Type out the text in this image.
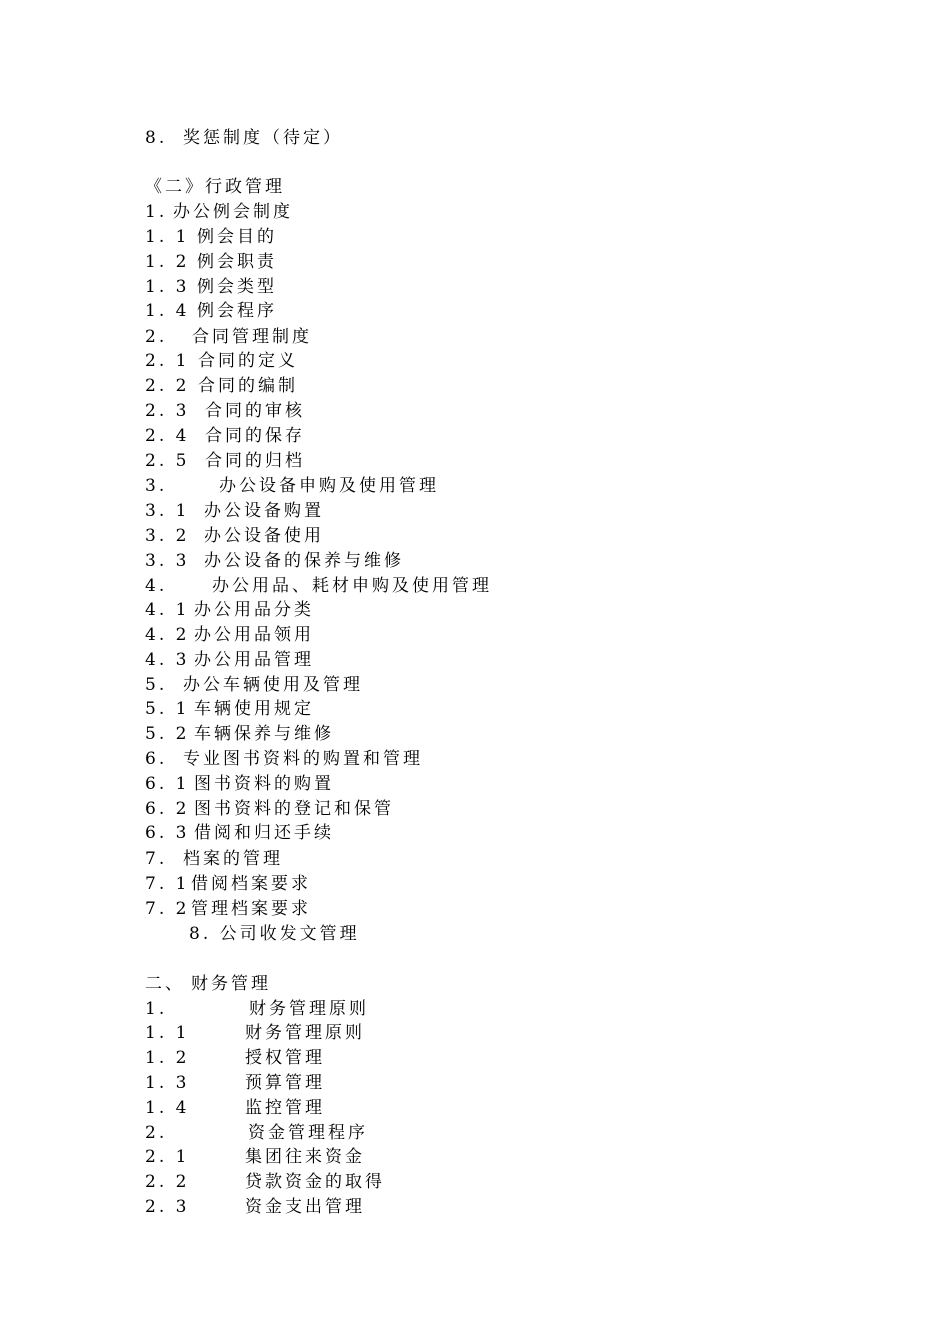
8. 奖惩制度（待定）
《二》行政管理
1. 办公例会制度
1. 1 例会目的
1. 2 例会职责
1. 3 例会类型
1. 4 例会程序
2. 合同管理制度
2. 1 合同的定义
2. 2 合同的编制
2. 3 合同的审核
2. 4 合同的保存
2. 5 合同的归档
3.	办公设备申购及使用管理
3. 1 办公设备购置
3. 2 办公设备使用
3. 3 办公设备的保养与维修
4.	办公用品、耗材申购及使用管理
4. 1 办公用品分类
4. 2 办公用品领用
4. 3 办公用品管理
5. 办公车辆使用及管理
5. 1 车辆使用规定
5. 2 车辆保养与维修
6. 专业图书资料的购置和管理
6. 1 图书资料的购置
6. 2 图书资料的登记和保管
6. 3 借阅和归还手续
7. 档案的管理
7. 1 借阅档案要求
7. 2 管理档案要求
8. 公司收发文管理
二、 财务管理
1.	财务管理原则
1. 1	财务管理原则
1. 2	授权管理
1. 3	预算管理
1. 4	监控管理
2.	资金管理程序
2. 1	集团往来资金
2. 2	贷款资金的取得
2. 3	资金支出管理
